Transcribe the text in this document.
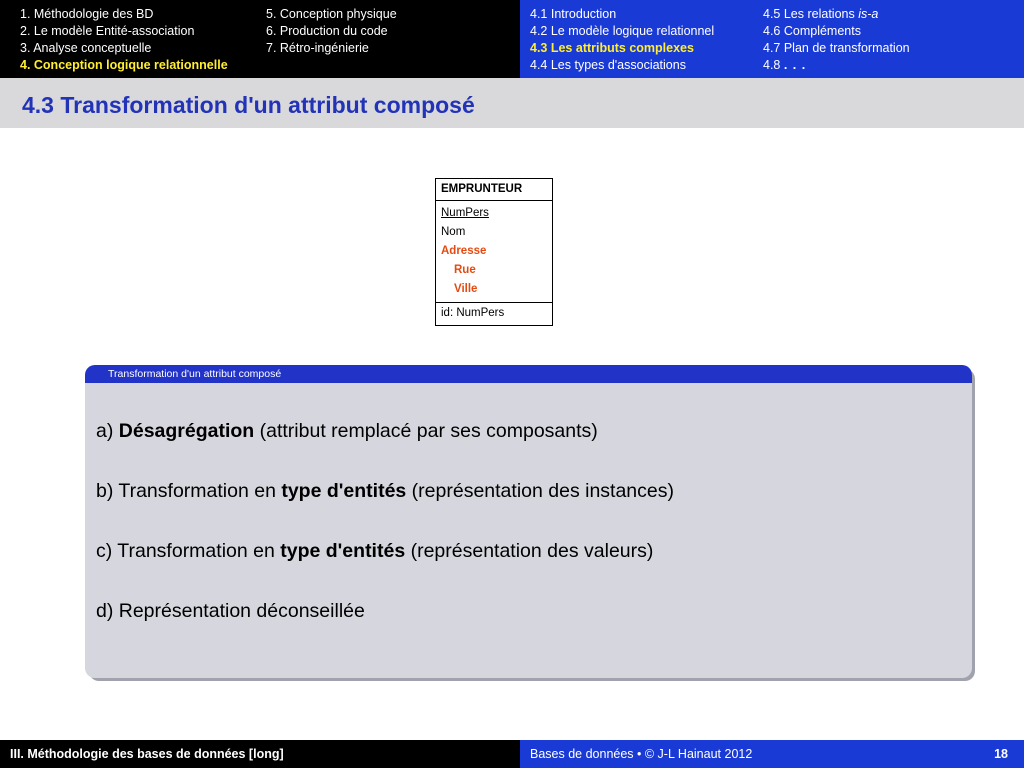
1. Méthodologie des BD
2. Le modèle Entité-association
3. Analyse conceptuelle
4. Conception logique relationnelle
5. Conception physique
6. Production du code
7. Rétro-ingénierie
4.1 Introduction
4.2 Le modèle logique relationnel
4.3 Les attributs complexes
4.4 Les types d'associations
4.5 Les relations is-a
4.6 Compléments
4.7 Plan de transformation
4.8 . . .
4.3 Transformation d'un attribut composé
EMPRUNTEUR
NumPers
Nom
Adresse
Rue
Ville
id: NumPers
Transformation d'un attribut composé
a) Désagrégation (attribut remplacé par ses composants)
b) Transformation en type d'entités (représentation des instances)
c) Transformation en type d'entités (représentation des valeurs)
d) Représentation déconseillée
III. Méthodologie des bases de données [long]	Bases de données • © J-L Hainaut 2012	18
